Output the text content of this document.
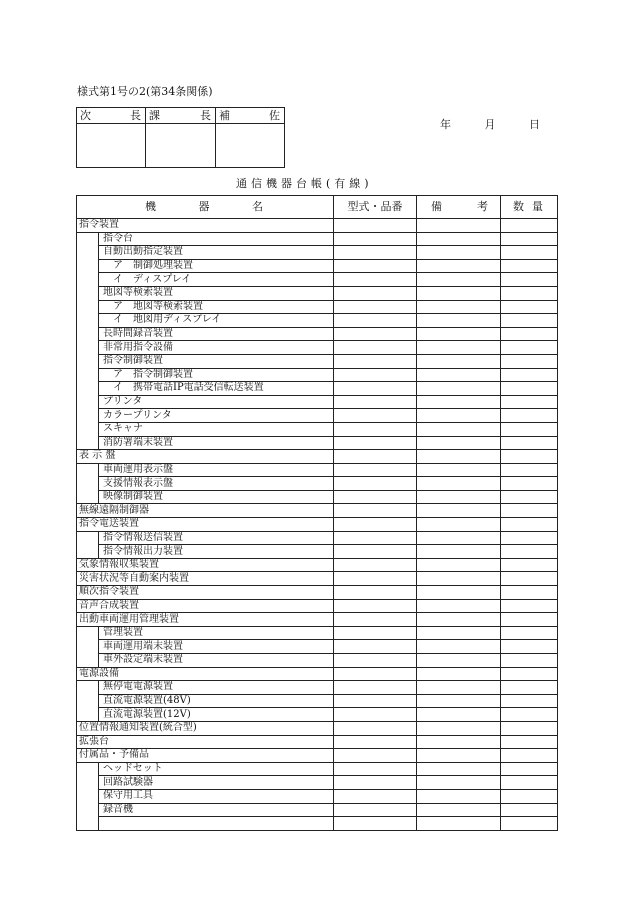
様式第1号の2(第34条関係)
次 長	課 長	補 佐

年	月	日
通信機器台帳(有線)
機 器 名		型式・品番	備 考	数 量

指令装置				
	指令台			
	自動出動指定装置			
	ア　制御処理装置			
	イ　ディスプレイ			
	地図等検索装置			
	ア　地図等検索装置			
	イ　地図用ディスプレイ			
	長時間録音装置			
	非常用指令設備			
	指令制御装置			
	ア　指令制御装置			
	イ　携帯電話IP電話受信転送装置			
	プリンタ			
	カラープリンタ			
	スキャナ			
	消防署端末装置			
表 示 盤				
	車両運用表示盤			
	支援情報表示盤			
	映像制御装置			
無線遠隔制御器				
指令電送装置				
	指令情報送信装置			
	指令情報出力装置			
気象情報収集装置				
災害状況等自動案内装置				
順次指令装置				
音声合成装置				
出動車両運用管理装置				
	管理装置			
	車両運用端末装置			
	車外設定端末装置			
電源設備				
	無停電電源装置			
	直流電源装置(48V)			
	直流電源装置(12V)			
位置情報通知装置(統合型)				
拡張台				
付属品・予備品				
	ヘッドセット			
	回路試験器			
	保守用工具			
	録音機			
